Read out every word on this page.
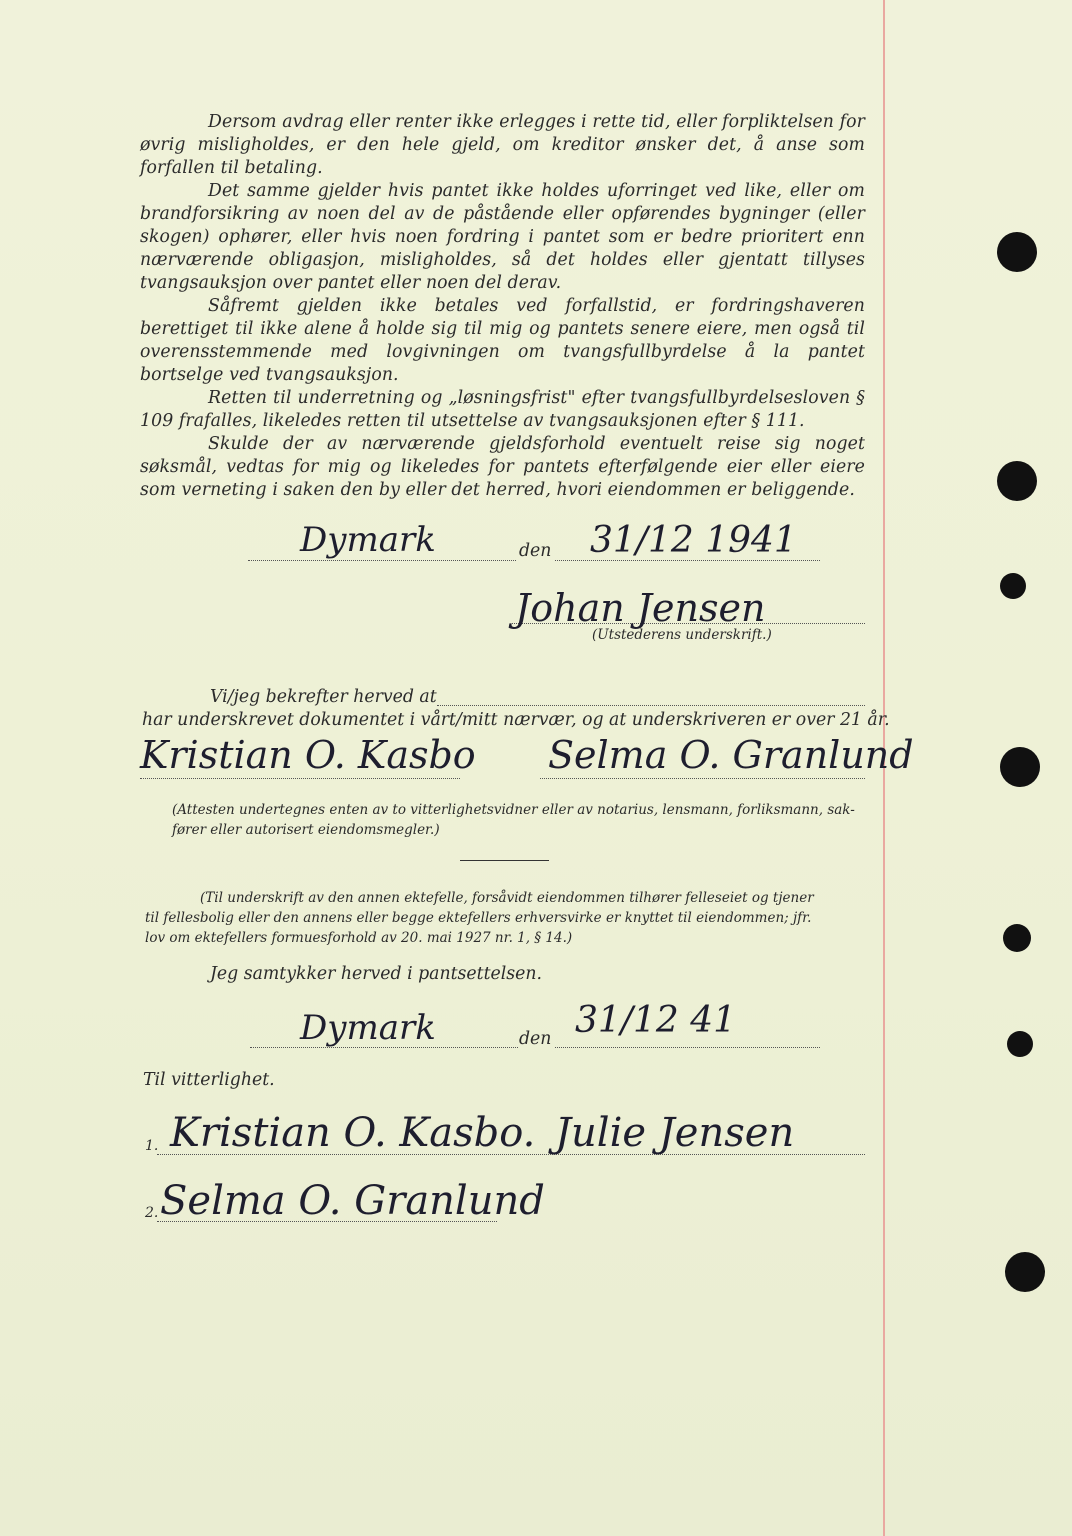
Dersom avdrag eller renter ikke erlegges i rette tid, eller forpliktelsen for øvrig misligholdes, er den hele gjeld, om kreditor ønsker det, å anse som forfallen til betaling.

Det samme gjelder hvis pantet ikke holdes uforringet ved like, eller om brandforsikring av noen del av de påstående eller opførendes bygninger (eller skogen) ophører, eller hvis noen fordring i pantet som er bedre prioritert enn nærværende obligasjon, misligholdes, så det holdes eller gjentatt tillyses tvangsauksjon over pantet eller noen del derav.

Såfremt gjelden ikke betales ved forfallstid, er fordringshaveren berettiget til ikke alene å holde sig til mig og pantets senere eiere, men også til overensstemmende med lovgivningen om tvangsfullbyrdelse å la pantet bortselge ved tvangsauksjon.

Retten til underretning og „løsningsfrist" efter tvangsfullbyrdelsesloven § 109 frafalles, likeledes retten til utsettelse av tvangsauksjonen efter § 111.

Skulde der av nærværende gjeldsforhold eventuelt reise sig noget søksmål, vedtas for mig og likeledes for pantets efterfølgende eier eller eiere som verneting i saken den by eller det herred, hvori eiendommen er beliggende.

Dymark	den 31/12 1941
Johan Jensen
(Utstederens underskrift.)
Vi/jeg bekrefter herved at
har underskrevet dokumentet i vårt/mitt nærvær, og at underskriveren er over 21 år.
Kristian O. Kasbo Selma O. Granlund
(Attesten undertegnes enten av to vitterlighetsvidner eller av notarius, lensmann, forliksmann, sak-
fører eller autorisert eiendomsmegler.)
(Til underskrift av den annen ektefelle, forsåvidt eiendommen tilhører felleseiet og tjener
til fellesbolig eller den annens eller begge ektefellers erhversvirke er knyttet til eiendommen; jfr.
lov om ektefellers formuesforhold av 20. mai 1927 nr. 1, § 14.)
Jeg samtykker herved i pantsettelsen.
Dymark	den 31/12 41
Til vitterlighet.
1. Kristian O. Kasbo. Julie Jensen
2. Selma O. Granlund
